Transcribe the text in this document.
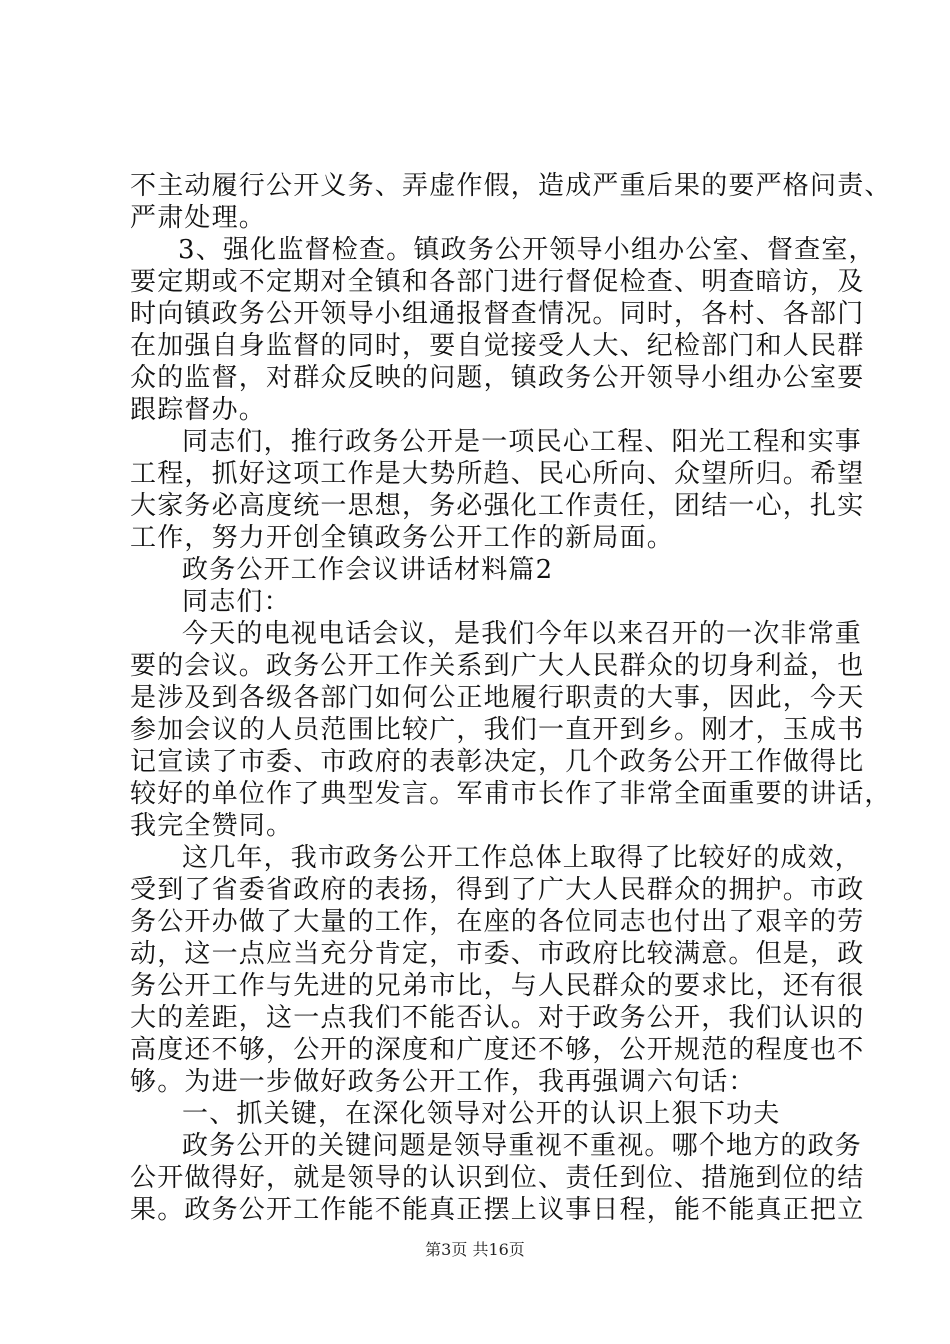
不主动履行公开义务、弄虚作假，造成严重后果的要严格问责、
严肃处理。
3、强化监督检查。镇政务公开领导小组办公室、督查室，
要定期或不定期对全镇和各部门进行督促检查、明查暗访，及
时向镇政务公开领导小组通报督查情况。同时，各村、各部门
在加强自身监督的同时，要自觉接受人大、纪检部门和人民群
众的监督，对群众反映的问题，镇政务公开领导小组办公室要
跟踪督办。
同志们，推行政务公开是一项民心工程、阳光工程和实事
工程，抓好这项工作是大势所趋、民心所向、众望所归。希望
大家务必高度统一思想，务必强化工作责任，团结一心，扎实
工作，努力开创全镇政务公开工作的新局面。
政务公开工作会议讲话材料篇2
同志们：
今天的电视电话会议，是我们今年以来召开的一次非常重
要的会议。政务公开工作关系到广大人民群众的切身利益，也
是涉及到各级各部门如何公正地履行职责的大事，因此，今天
参加会议的人员范围比较广，我们一直开到乡。刚才，玉成书
记宣读了市委、市政府的表彰决定，几个政务公开工作做得比
较好的单位作了典型发言。军甫市长作了非常全面重要的讲话，
我完全赞同。
这几年，我市政务公开工作总体上取得了比较好的成效，
受到了省委省政府的表扬，得到了广大人民群众的拥护。市政
务公开办做了大量的工作，在座的各位同志也付出了艰辛的劳
动，这一点应当充分肯定，市委、市政府比较满意。但是，政
务公开工作与先进的兄弟市比，与人民群众的要求比，还有很
大的差距，这一点我们不能否认。对于政务公开，我们认识的
高度还不够，公开的深度和广度还不够，公开规范的程度也不
够。为进一步做好政务公开工作，我再强调六句话：
一、抓关键，在深化领导对公开的认识上狠下功夫
政务公开的关键问题是领导重视不重视。哪个地方的政务
公开做得好，就是领导的认识到位、责任到位、措施到位的结
果。政务公开工作能不能真正摆上议事日程，能不能真正把立
第3页 共16页
